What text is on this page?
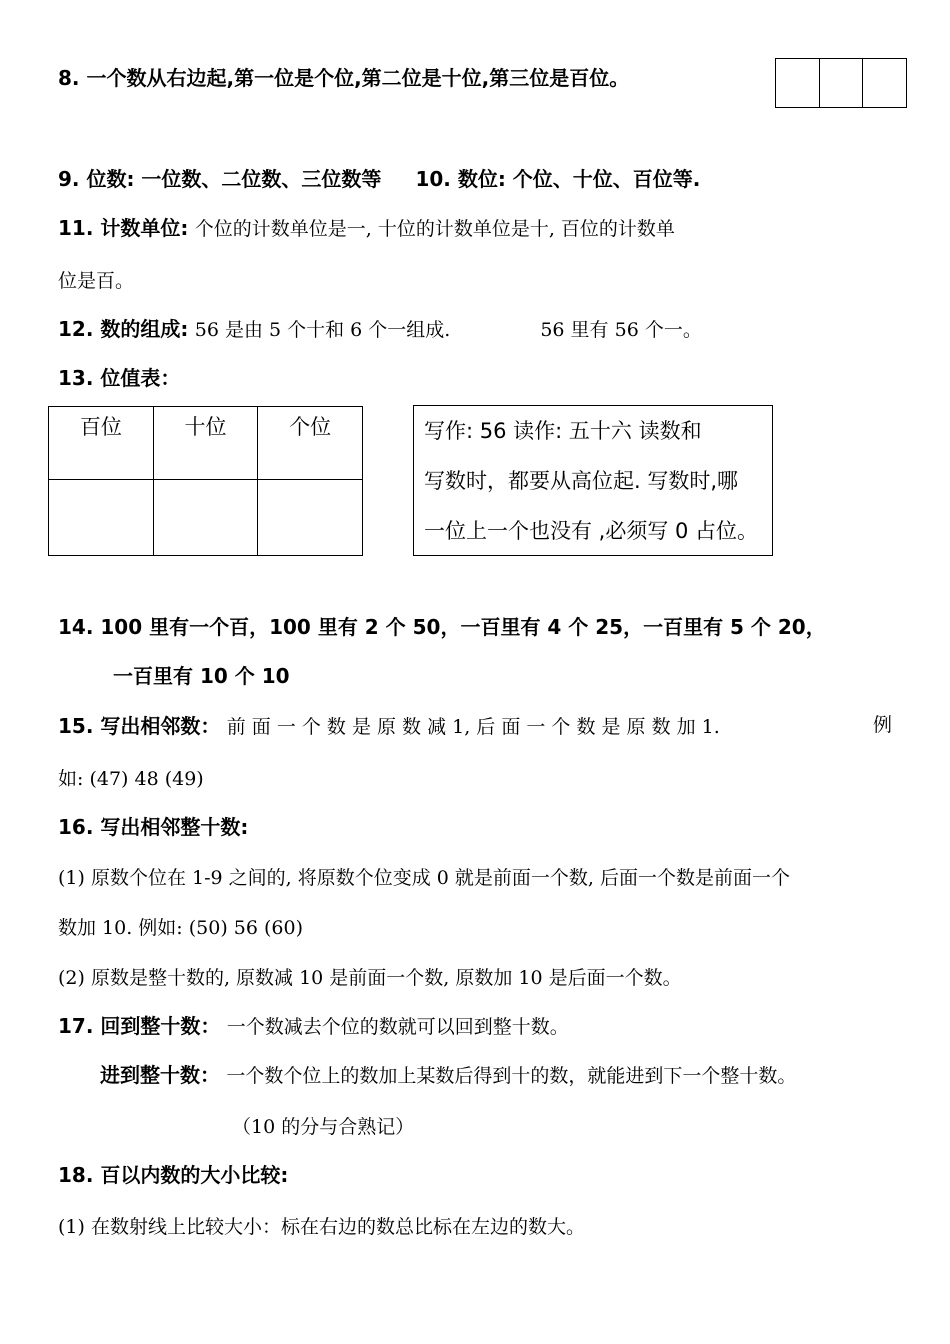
8. 一个数从右边起,第一位是个位,第二位是十位,第三位是百位。
9. 位数: 一位数、二位数、三位数等 10. 数位: 个位、十位、百位等.
11. 计数单位: 个位的计数单位是一, 十位的计数单位是十, 百位的计数单
位是百。
12. 数的组成: 56 是由 5 个十和 6 个一组成.	56 里有 56 个一。
13. 位值表：
百位	十位	个位
			写作: 56 读作: 五十六 读数和
写数时，都要从高位起. 写数时,哪
一位上一个也没有 ,必须写 0 占位。
14. 100 里有一个百，100 里有 2 个 50，一百里有 4 个 25，一百里有 5 个 20，
一百里有 10 个 10
15. 写出相邻数： 前 面 一 个 数 是 原 数 减 1, 后 面 一 个 数 是 原 数 加 1.	例
如: (47) 48 (49)
16. 写出相邻整十数:
(1) 原数个位在 1-9 之间的, 将原数个位变成 0 就是前面一个数, 后面一个数是前面一个
数加 10. 例如: (50) 56 (60)
(2) 原数是整十数的, 原数减 10 是前面一个数, 原数加 10 是后面一个数。
17. 回到整十数： 一个数减去个位的数就可以回到整十数。
进到整十数： 一个数个位上的数加上某数后得到十的数，就能进到下一个整十数。
（10 的分与合熟记）
18. 百以内数的大小比较:
(1) 在数射线上比较大小：标在右边的数总比标在左边的数大。
